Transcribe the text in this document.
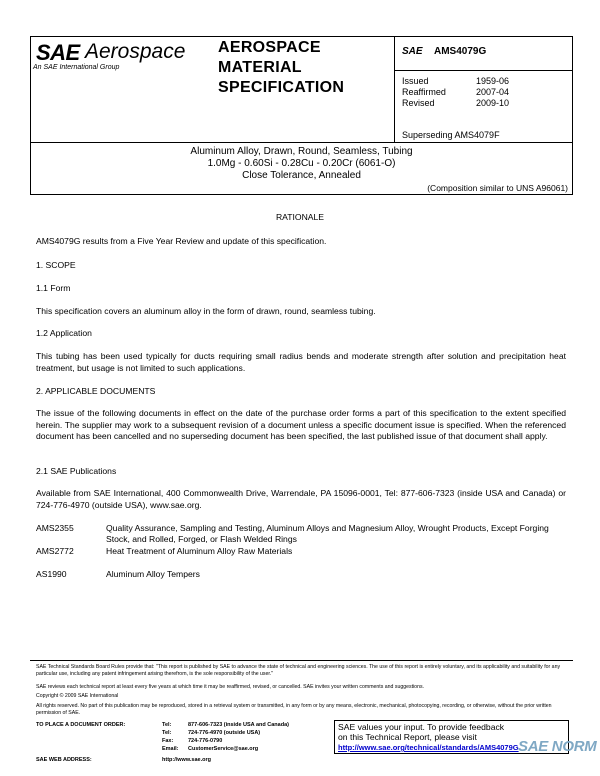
SAE Aerospace
An SAE International Group
AEROSPACE
MATERIAL
SPECIFICATION
SAE AMS4079G
Issued	1959-06
Reaffirmed	2007-04
Revised	2009-10
Superseding AMS4079F
Aluminum Alloy, Drawn, Round, Seamless, Tubing
1.0Mg - 0.60Si - 0.28Cu - 0.20Cr (6061-O)
Close Tolerance, Annealed
(Composition similar to UNS A96061)
RATIONALE
AMS4079G results from a Five Year Review and update of this specification.
1. SCOPE
1.1 Form
This specification covers an aluminum alloy in the form of drawn, round, seamless tubing.
1.2 Application
This tubing has been used typically for ducts requiring small radius bends and moderate strength after solution and precipitation heat treatment, but usage is not limited to such applications.
2. APPLICABLE DOCUMENTS
The issue of the following documents in effect on the date of the purchase order forms a part of this specification to the extent specified herein. The supplier may work to a subsequent revision of a document unless a specific document issue is specified. When the referenced document has been cancelled and no superseding document has been specified, the last published issue of that document shall apply.
2.1 SAE Publications
Available from SAE International, 400 Commonwealth Drive, Warrendale, PA 15096-0001, Tel: 877-606-7323 (inside USA and Canada) or 724-776-4970 (outside USA), www.sae.org.
AMS2355	Quality Assurance, Sampling and Testing, Aluminum Alloys and Magnesium Alloy, Wrought Products, Except Forging Stock, and Rolled, Forged, or Flash Welded Rings
AMS2772	Heat Treatment of Aluminum Alloy Raw Materials
AS1990	Aluminum Alloy Tempers
SAE Technical Standards Board Rules provide that: "This report is published by SAE to advance the state of technical and engineering sciences. The use of this report is entirely voluntary, and its applicability and suitability for any particular use, including any patent infringement arising therefrom, is the sole responsibility of the user."
SAE reviews each technical report at least every five years at which time it may be reaffirmed, revised, or cancelled. SAE invites your written comments and suggestions.
Copyright © 2009 SAE International
All rights reserved. No part of this publication may be reproduced, stored in a retrieval system or transmitted, in any form or by any means, electronic, mechanical, photocopying, recording, or otherwise, without the prior written permission of SAE.
TO PLACE A DOCUMENT ORDER:	Tel:	877-606-7323 (inside USA and Canada)
Tel:	724-776-4970 (outside USA)
Fax:	724-776-0790
Email: CustomerService@sae.org
SAE WEB ADDRESS:	http://www.sae.org
SAE values your input. To provide feedback
on this Technical Report, please visit
http://www.sae.org/technical/standards/AMS4079G SAE NORM
